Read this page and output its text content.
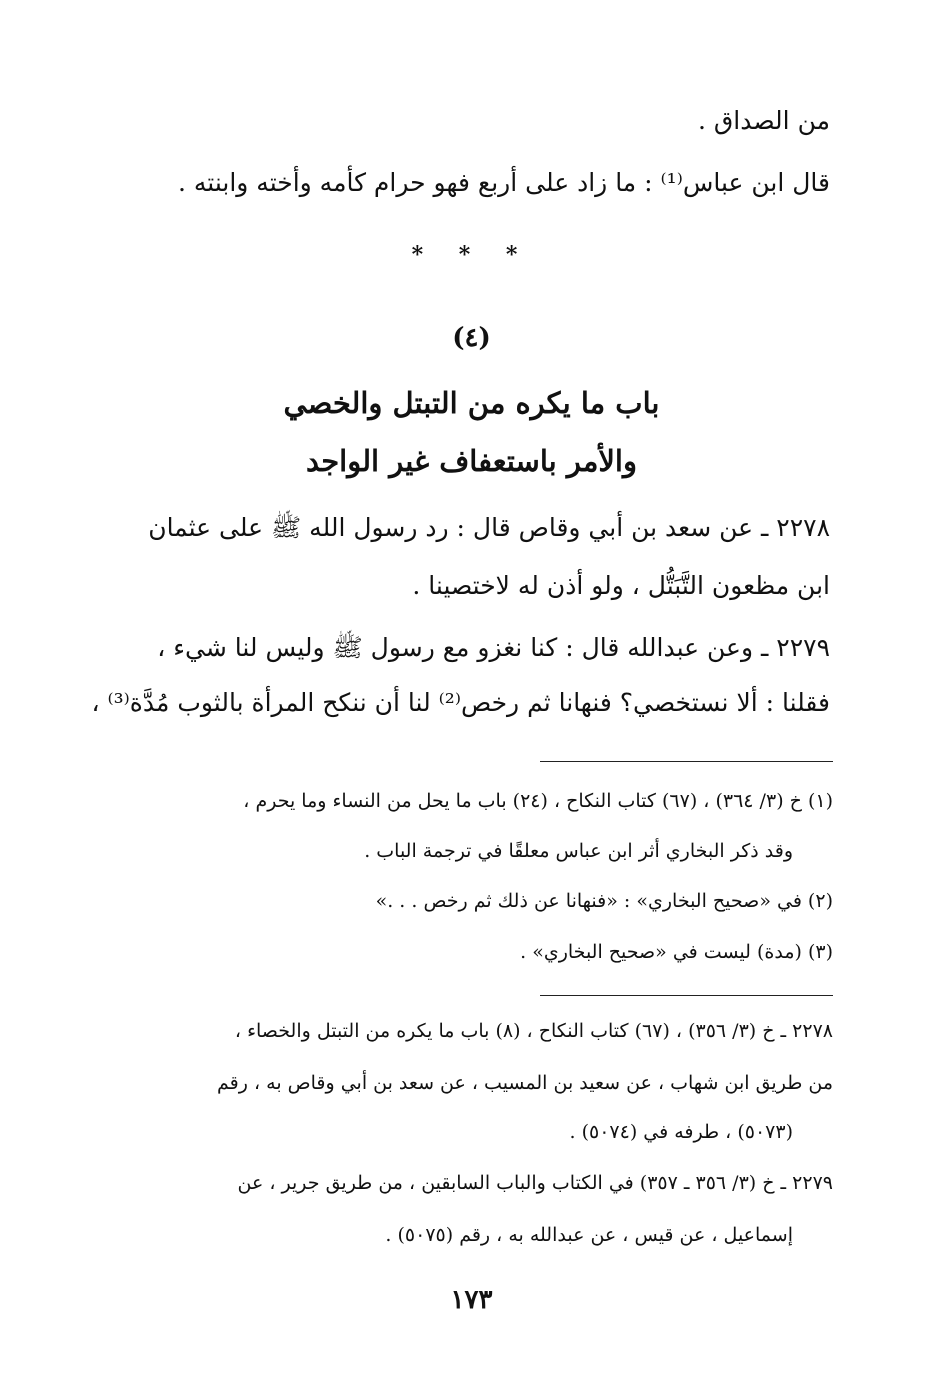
من الصداق .
قال ابن عباس⁽¹⁾ : ما زاد على أربع فهو حرام كأمه وأخته وابنته .
* * *
(٤)
باب ما يكره من التبتل والخصي
والأمر باستعفاف غير الواجد
٢٢٧٨ ـ عن سعد بن أبي وقاص قال : رد رسول الله ﷺ على عثمان
ابن مظعون التَّبَتُّل ، ولو أذن له لاختصينا .
٢٢٧٩ ـ وعن عبدالله قال : كنا نغزو مع رسول ﷺ وليس لنا شيء ،
فقلنا : ألا نستخصي؟ فنهانا ثم رخص⁽²⁾ لنا أن ننكح المرأة بالثوب مُدَّة⁽³⁾ ،
(١) خ (٣/ ٣٦٤) ، (٦٧) كتاب النكاح ، (٢٤) باب ما يحل من النساء وما يحرم ،
وقد ذكر البخاري أثر ابن عباس معلقًا في ترجمة الباب .
(٢) في «صحيح البخاري» : «فنهانا عن ذلك ثم رخص . . .»
(٣) (مدة) ليست في «صحيح البخاري» .
٢٢٧٨ ـ خ (٣/ ٣٥٦) ، (٦٧) كتاب النكاح ، (٨) باب ما يكره من التبتل والخصاء ،
من طريق ابن شهاب ، عن سعيد بن المسيب ، عن سعد بن أبي وقاص به ، رقم
(٥٠٧٣) ، طرفه في (٥٠٧٤) .
٢٢٧٩ ـ خ (٣/ ٣٥٦ ـ ٣٥٧) في الكتاب والباب السابقين ، من طريق جرير ، عن
إسماعيل ، عن قيس ، عن عبدالله به ، رقم (٥٠٧٥) .
١٧٣
